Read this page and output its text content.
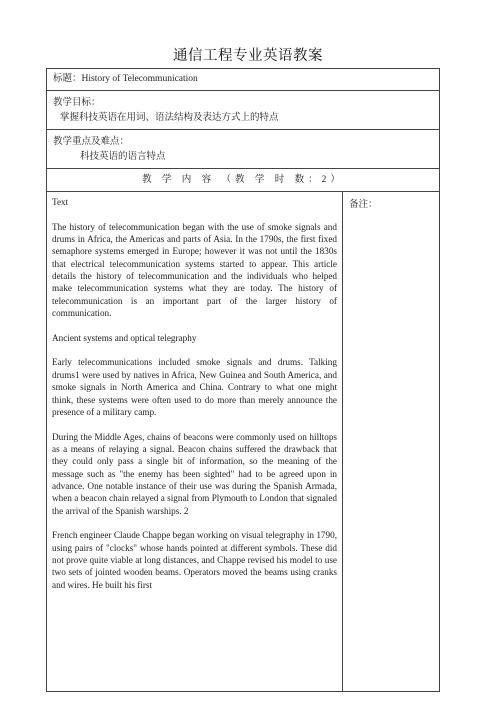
通信工程专业英语教案
标题：History of Telecommunication
教学目标：
掌握科技英语在用词、语法结构及表达方式上的特点
教学重点及难点：
科技英语的语言特点
教 学 内 容 （教 学 时 数：2）

Text

The history of telecommunication began with the use of smoke signals and drums in Africa, the Americas and parts of Asia. In the 1790s, the first fixed semaphore systems emerged in Europe; however it was not until the 1830s that electrical telecommunication systems started to appear. This article details the history of telecommunication and the individuals who helped make telecommunication systems what they are today. The history of telecommunication is an important part of the larger history of communication.

Ancient systems and optical telegraphy

Early telecommunications included smoke signals and drums. Talking drums1 were used by natives in Africa, New Guinea and South America, and smoke signals in North America and China. Contrary to what one might think, these systems were often used to do more than merely announce the presence of a military camp.

During the Middle Ages, chains of beacons were commonly used on hilltops as a means of relaying a signal. Beacon chains suffered the drawback that they could only pass a single bit of information, so the meaning of the message such as "the enemy has been sighted" had to be agreed upon in advance. One notable instance of their use was during the Spanish Armada, when a beacon chain relayed a signal from Plymouth to London that signaled the arrival of the Spanish warships. 2

French engineer Claude Chappe began working on visual telegraphy in 1790, using pairs of "clocks" whose hands pointed at different symbols. These did not prove quite viable at long distances, and Chappe revised his model to use two sets of jointed wooden beams. Operators moved the beams using cranks and wires. He built his first

备注：
